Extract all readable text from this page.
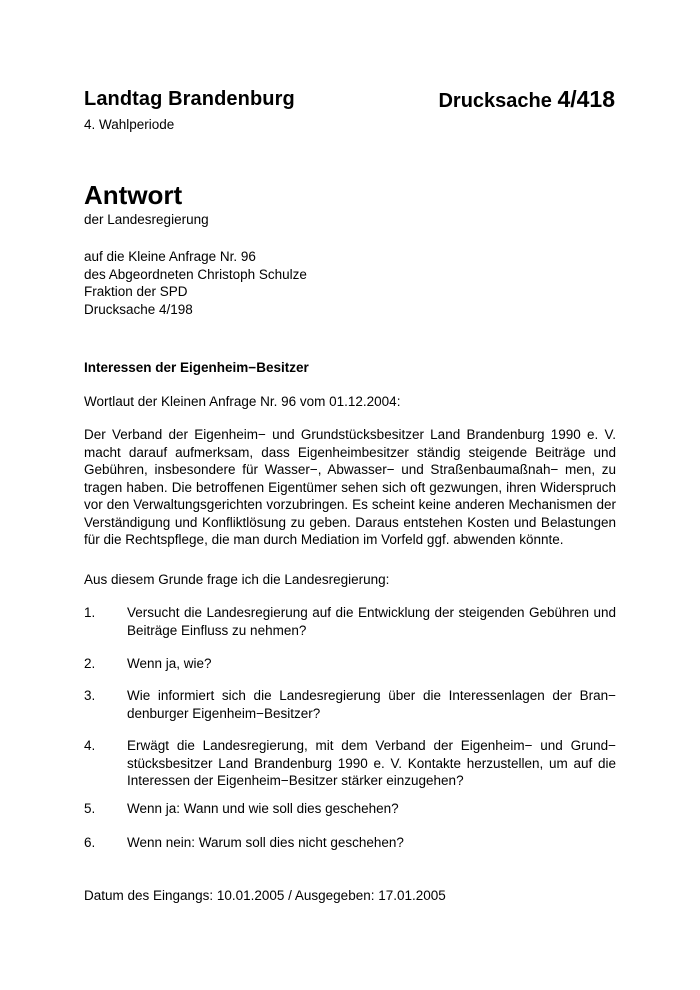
Landtag Brandenburg	Drucksache 4/418
4. Wahlperiode
Antwort
der Landesregierung
auf die Kleine Anfrage Nr. 96
des Abgeordneten Christoph Schulze
Fraktion der SPD
Drucksache 4/198
Interessen der Eigenheim−Besitzer
Wortlaut der Kleinen Anfrage Nr. 96 vom 01.12.2004:
Der Verband der Eigenheim− und Grundstücksbesitzer Land Brandenburg 1990 e. V. macht darauf aufmerksam, dass Eigenheimbesitzer ständig steigende Beiträge und Gebühren, insbesondere für Wasser−, Abwasser− und Straßenbaumaßnah− men, zu tragen haben. Die betroffenen Eigentümer sehen sich oft gezwungen, ihren Widerspruch vor den Verwaltungsgerichten vorzubringen. Es scheint keine anderen Mechanismen der Verständigung und Konfliktlösung zu geben. Daraus entstehen Kosten und Belastungen für die Rechtspflege, die man durch Mediation im Vorfeld ggf. abwenden könnte.
Aus diesem Grunde frage ich die Landesregierung:
1.	Versucht die Landesregierung auf die Entwicklung der steigenden Gebühren und Beiträge Einfluss zu nehmen?
2.	Wenn ja, wie?
3.	Wie informiert sich die Landesregierung über die Interessenlagen der Bran− denburger Eigenheim−Besitzer?
4.	Erwägt die Landesregierung, mit dem Verband der Eigenheim− und Grund− stücksbesitzer Land Brandenburg 1990 e. V. Kontakte herzustellen, um auf die Interessen der Eigenheim−Besitzer stärker einzugehen?
5.	Wenn ja: Wann und wie soll dies geschehen?
6.	Wenn nein: Warum soll dies nicht geschehen?
Datum des Eingangs: 10.01.2005 / Ausgegeben: 17.01.2005
